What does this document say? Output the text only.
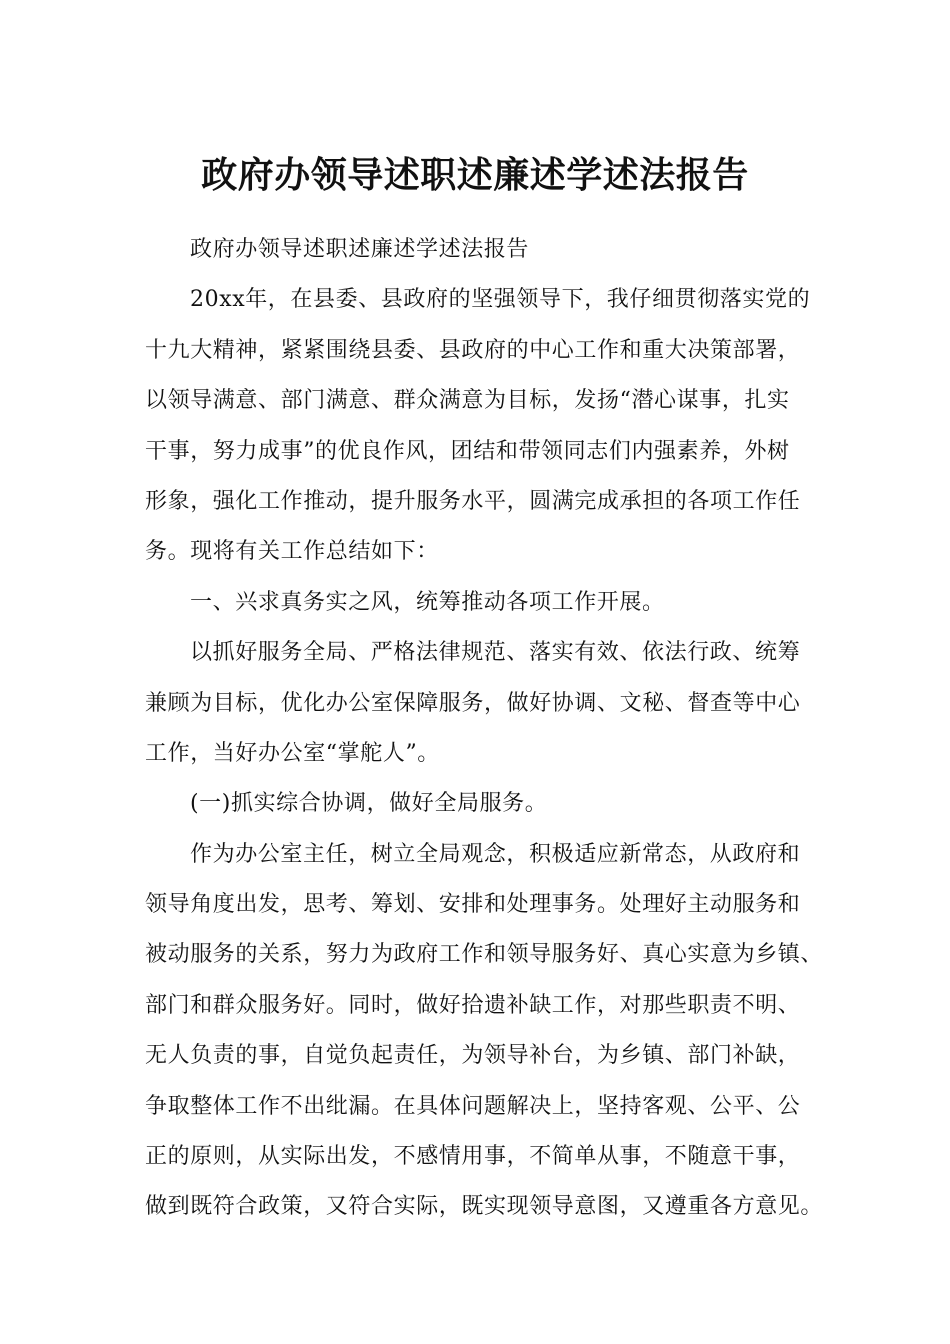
政府办领导述职述廉述学述法报告
政府办领导述职述廉述学述法报告
20xx年，在县委、县政府的坚强领导下，我仔细贯彻落实党的
十九大精神，紧紧围绕县委、县政府的中心工作和重大决策部署，
以领导满意、部门满意、群众满意为目标，发扬“潜心谋事，扎实
干事，努力成事”的优良作风，团结和带领同志们内强素养，外树
形象，强化工作推动，提升服务水平，圆满完成承担的各项工作任
务。现将有关工作总结如下：
一、兴求真务实之风，统筹推动各项工作开展。
以抓好服务全局、严格法律规范、落实有效、依法行政、统筹
兼顾为目标，优化办公室保障服务，做好协调、文秘、督查等中心
工作，当好办公室“掌舵人”。
(一)抓实综合协调，做好全局服务。
作为办公室主任，树立全局观念，积极适应新常态，从政府和
领导角度出发，思考、筹划、安排和处理事务。处理好主动服务和
被动服务的关系，努力为政府工作和领导服务好、真心实意为乡镇、
部门和群众服务好。同时，做好拾遗补缺工作，对那些职责不明、
无人负责的事，自觉负起责任，为领导补台，为乡镇、部门补缺，
争取整体工作不出纰漏。在具体问题解决上，坚持客观、公平、公
正的原则，从实际出发，不感情用事，不简单从事，不随意干事，
做到既符合政策，又符合实际，既实现领导意图，又遵重各方意见。
